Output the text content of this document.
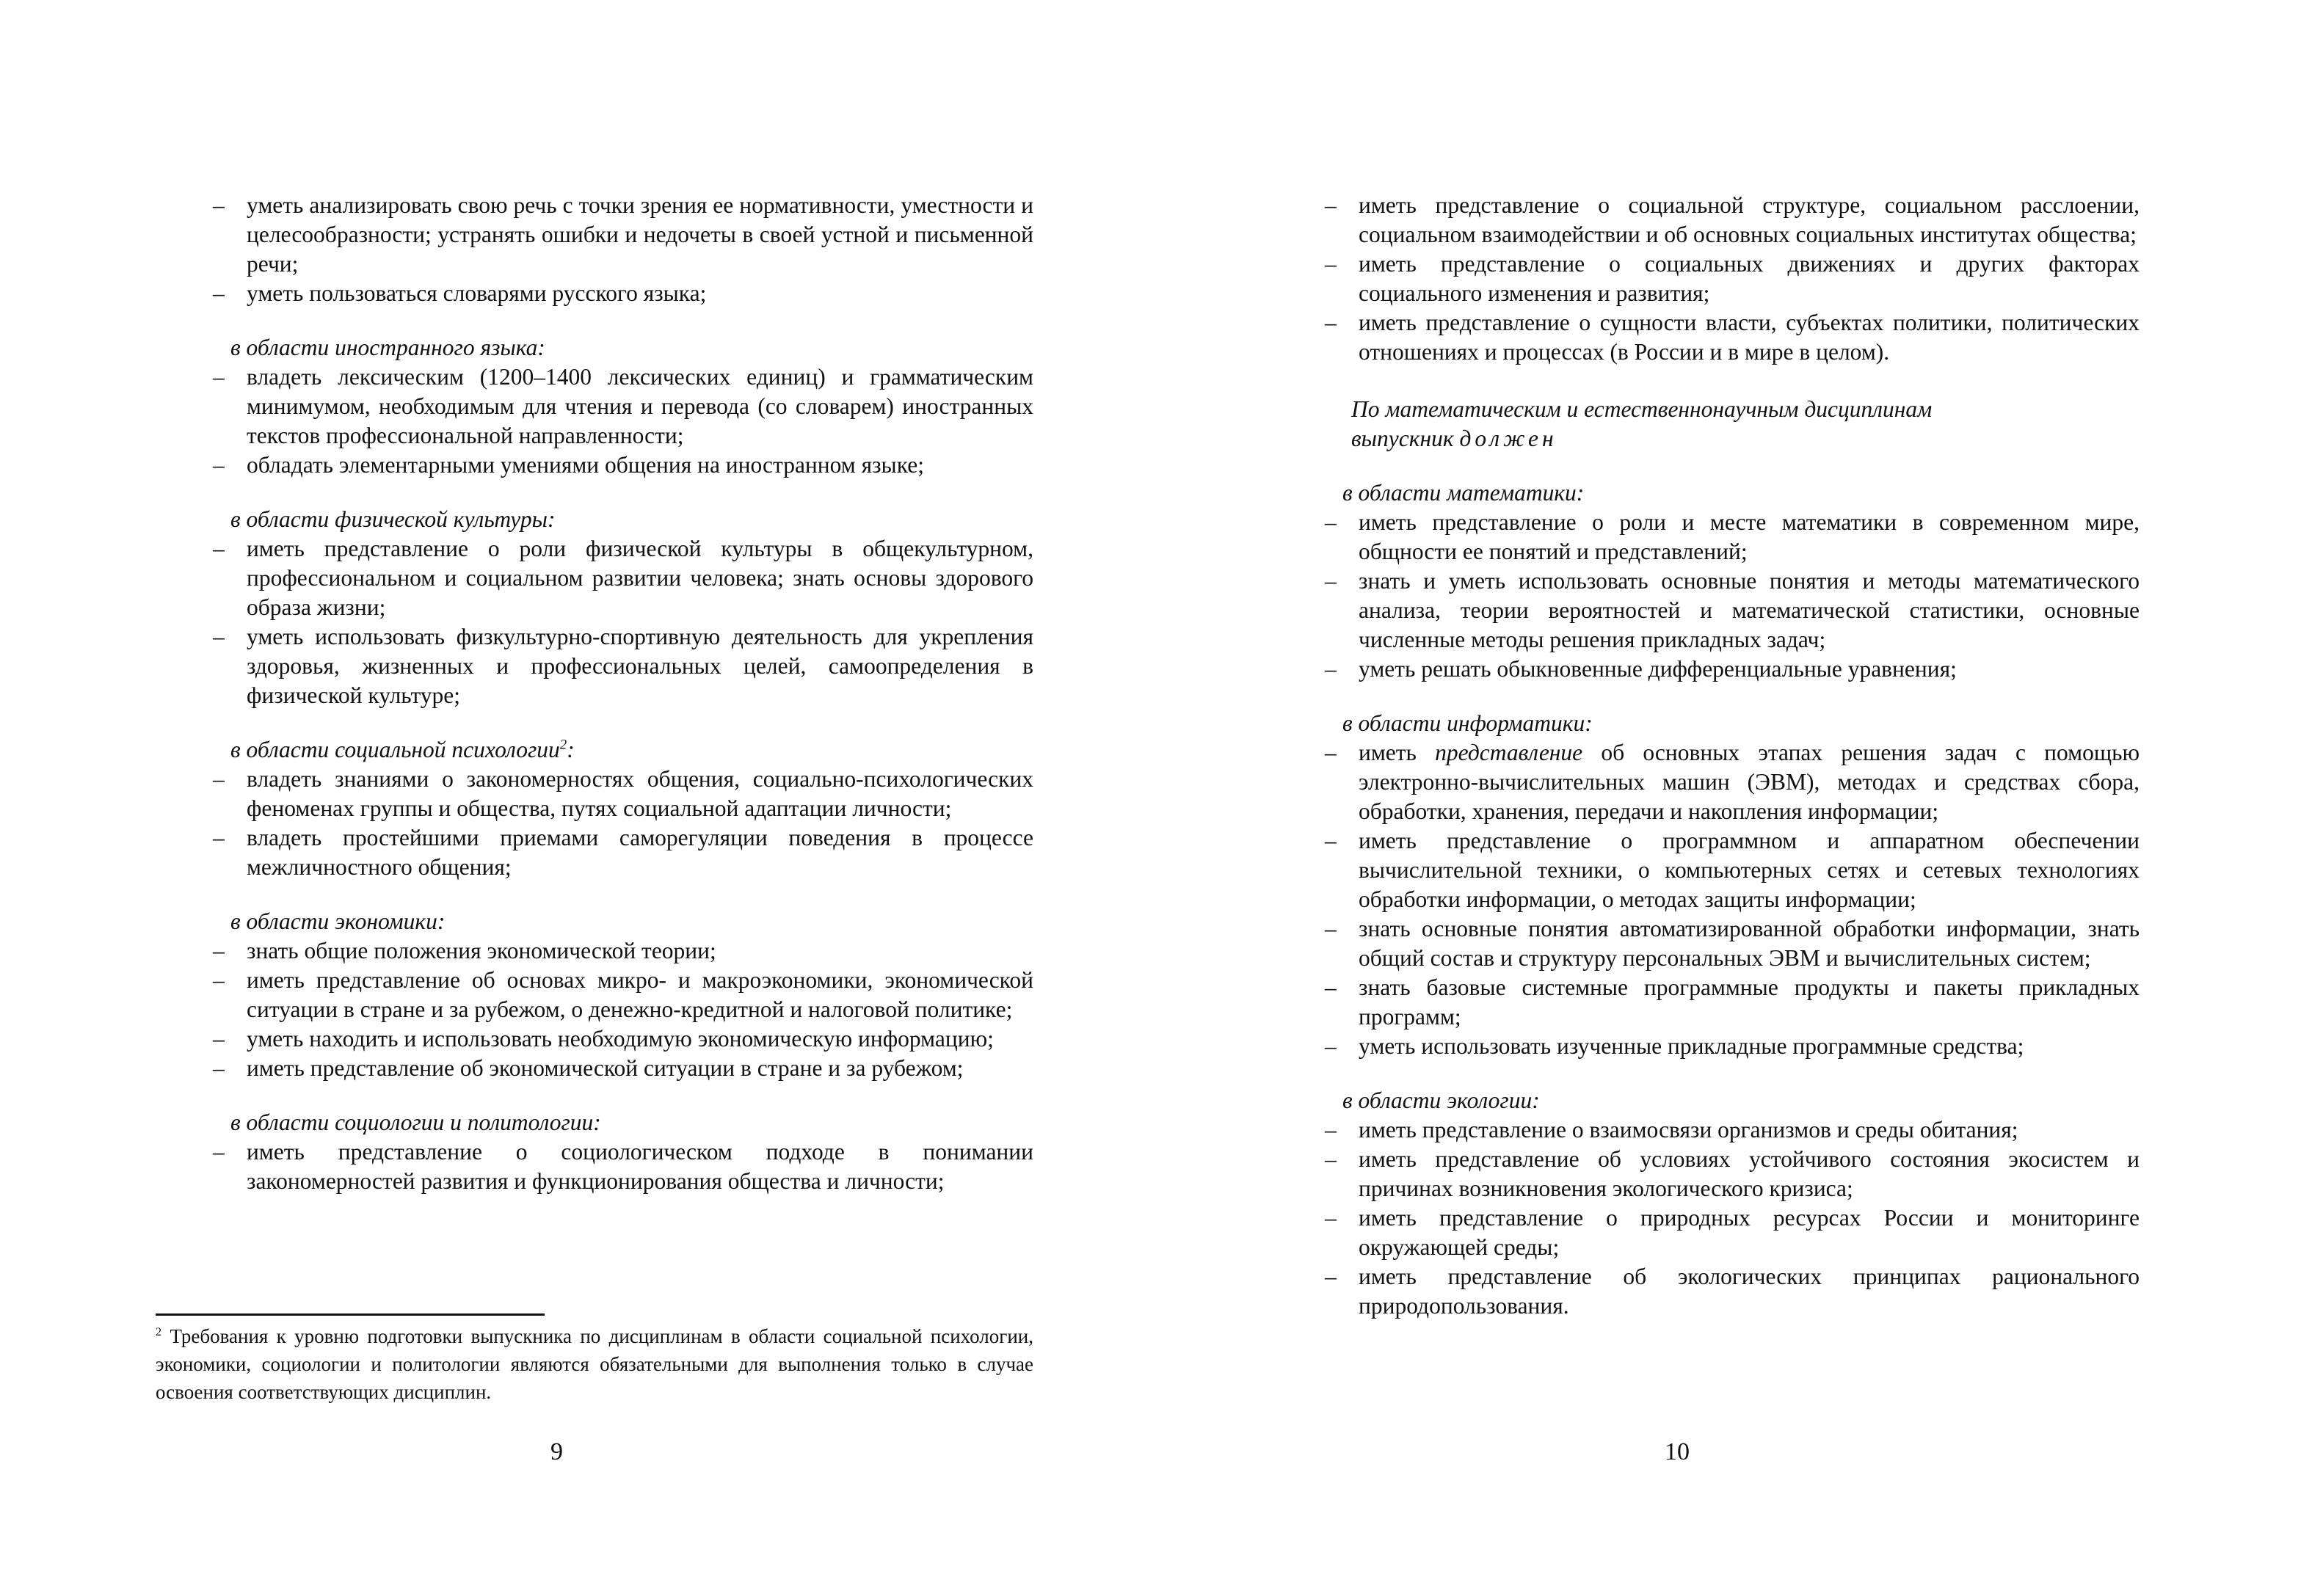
– уметь анализировать свою речь с точки зрения ее нормативности, уместности и целесообразности; устранять ошибки и недочеты в своей устной и письменной речи;
– уметь пользоваться словарями русского языка;
в области иностранного языка:
– владеть лексическим (1200–1400 лексических единиц) и грамматическим минимумом, необходимым для чтения и перевода (со словарем) иностранных текстов профессиональной направленности;
– обладать элементарными умениями общения на иностранном языке;
в области физической культуры:
– иметь представление о роли физической культуры в общекультурном, профессиональном и социальном развитии человека; знать основы здорового образа жизни;
– уметь использовать физкультурно-спортивную деятельность для укрепления здоровья, жизненных и профессиональных целей, самоопределения в физической культуре;
в области социальной психологии$^2$:
– владеть знаниями о закономерностях общения, социально-психологических феноменах группы и общества, путях социальной адаптации личности;
– владеть простейшими приемами саморегуляции поведения в процессе межличностного общения;
в области экономики:
– знать общие положения экономической теории;
– иметь представление об основах микро- и макроэкономики, экономической ситуации в стране и за рубежом, о денежно-кредитной и налоговой политике;
– уметь находить и использовать необходимую экономическую информацию;
– иметь представление об экономической ситуации в стране и за рубежом;
в области социологии и политологии:
– иметь представление о социологическом подходе в понимании закономерностей развития и функционирования общества и личности;
$^2$ Требования к уровню подготовки выпускника по дисциплинам в области социальной психологии, экономики, социологии и политологии являются обязательными для выполнения только в случае освоения соответствующих дисциплин.
9
– иметь представление о социальной структуре, социальном расслоении, социальном взаимодействии и об основных социальных институтах общества;
– иметь представление о социальных движениях и других факторах социального изменения и развития;
– иметь представление о сущности власти, субъектах политики, политических отношениях и процессах (в России и в мире в целом).
По математическим и естественнонаучным дисциплинам
выпускник должен
в области математики:
– иметь представление о роли и месте математики в современном мире, общности ее понятий и представлений;
– знать и уметь использовать основные понятия и методы математического анализа, теории вероятностей и математической статистики, основные численные методы решения прикладных задач;
– уметь решать обыкновенные дифференциальные уравнения;
в области информатики:
– иметь представление об основных этапах решения задач с помощью электронно-вычислительных машин (ЭВМ), методах и средствах сбора, обработки, хранения, передачи и накопления информации;
– иметь представление о программном и аппаратном обеспечении вычислительной техники, о компьютерных сетях и сетевых технологиях обработки информации, о методах защиты информации;
– знать основные понятия автоматизированной обработки информации, знать общий состав и структуру персональных ЭВМ и вычислительных систем;
– знать базовые системные программные продукты и пакеты прикладных программ;
– уметь использовать изученные прикладные программные средства;
в области экологии:
– иметь представление о взаимосвязи организмов и среды обитания;
– иметь представление об условиях устойчивого состояния экосистем и причинах возникновения экологического кризиса;
– иметь представление о природных ресурсах России и мониторинге окружающей среды;
– иметь представление об экологических принципах рационального природопользования.
10
